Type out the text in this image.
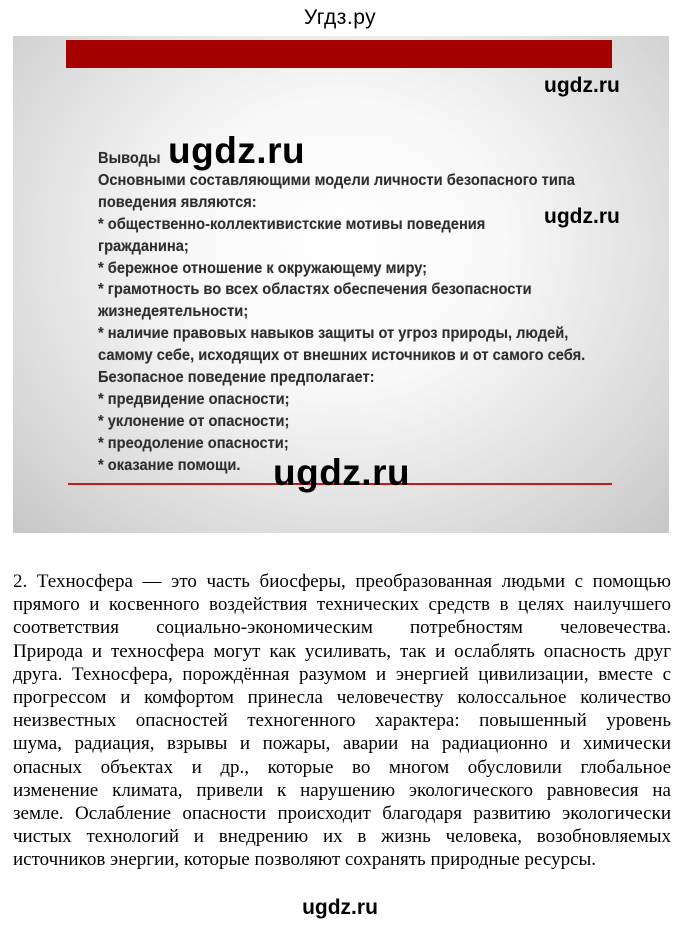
Угдз.ру
Выводы
Основными составляющими модели личности безопасного типа
поведения являются:
* общественно-коллективистские мотивы поведения
гражданина;
* бережное отношение к окружающему миру;
* грамотность во всех областях обеспечения безопасности
жизнедеятельности;
* наличие правовых навыков защиты от угроз природы, людей,
самому себе, исходящих от внешних источников и от самого себя.
Безопасное поведение предполагает:
* предвидение опасности;
* уклонение от опасности;
* преодоление опасности;
* оказание помощи.
ugdz.ru
ugdz.ru
ugdz.ru
ugdz.ru
2. Техносфера — это часть биосферы, преобразованная людьми с помощью
прямого и косвенного воздействия технических средств в целях наилучшего
соответствия социально-экономическим потребностям человечества.
Природа и техносфера могут как усиливать, так и ослаблять опасность друг
друга. Техносфера, порождённая разумом и энергией цивилизации, вместе с
прогрессом и комфортом принесла человечеству колоссальное количество
неизвестных опасностей техногенного характера: повышенный уровень
шума, радиация, взрывы и пожары, аварии на радиационно и химически
опасных объектах и др., которые во многом обусловили глобальное
изменение климата, привели к нарушению экологического равновесия на
земле. Ослабление опасности происходит благодаря развитию экологически
чистых технологий и внедрению их в жизнь человека, возобновляемых
источников энергии, которые позволяют сохранять природные ресурсы.
ugdz.ru
